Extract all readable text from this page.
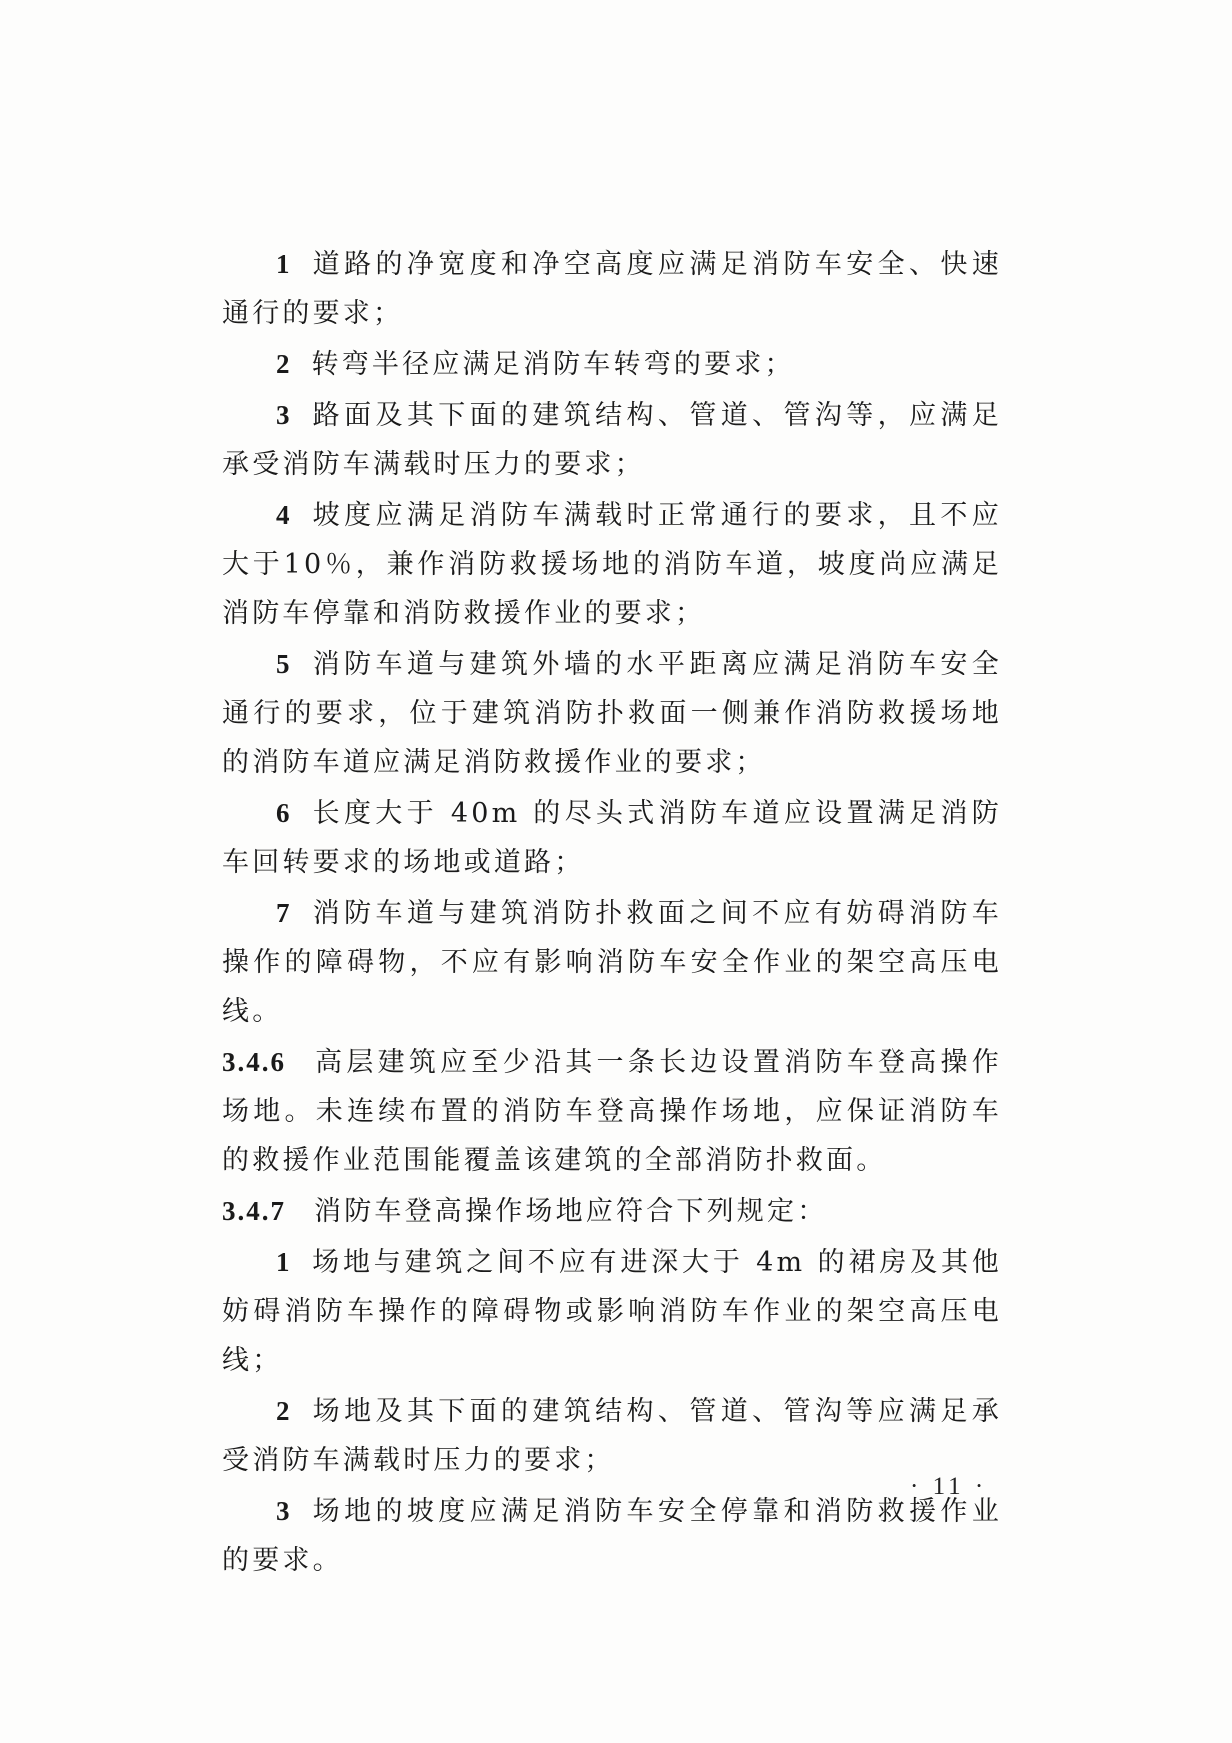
1 道路的净宽度和净空高度应满足消防车安全、快速通行的要求；

2 转弯半径应满足消防车转弯的要求；

3 路面及其下面的建筑结构、管道、管沟等，应满足承受消防车满载时压力的要求；

4 坡度应满足消防车满载时正常通行的要求，且不应大于10％，兼作消防救援场地的消防车道，坡度尚应满足消防车停靠和消防救援作业的要求；

5 消防车道与建筑外墙的水平距离应满足消防车安全通行的要求，位于建筑消防扑救面一侧兼作消防救援场地的消防车道应满足消防救援作业的要求；

6 长度大于 40m 的尽头式消防车道应设置满足消防车回转要求的场地或道路；

7 消防车道与建筑消防扑救面之间不应有妨碍消防车操作的障碍物，不应有影响消防车安全作业的架空高压电线。

3.4.6 高层建筑应至少沿其一条长边设置消防车登高操作场地。未连续布置的消防车登高操作场地，应保证消防车的救援作业范围能覆盖该建筑的全部消防扑救面。

3.4.7 消防车登高操作场地应符合下列规定：

1 场地与建筑之间不应有进深大于 4m 的裙房及其他妨碍消防车操作的障碍物或影响消防车作业的架空高压电线；

2 场地及其下面的建筑结构、管道、管沟等应满足承受消防车满载时压力的要求；

3 场地的坡度应满足消防车安全停靠和消防救援作业的要求。

· 11 ·
